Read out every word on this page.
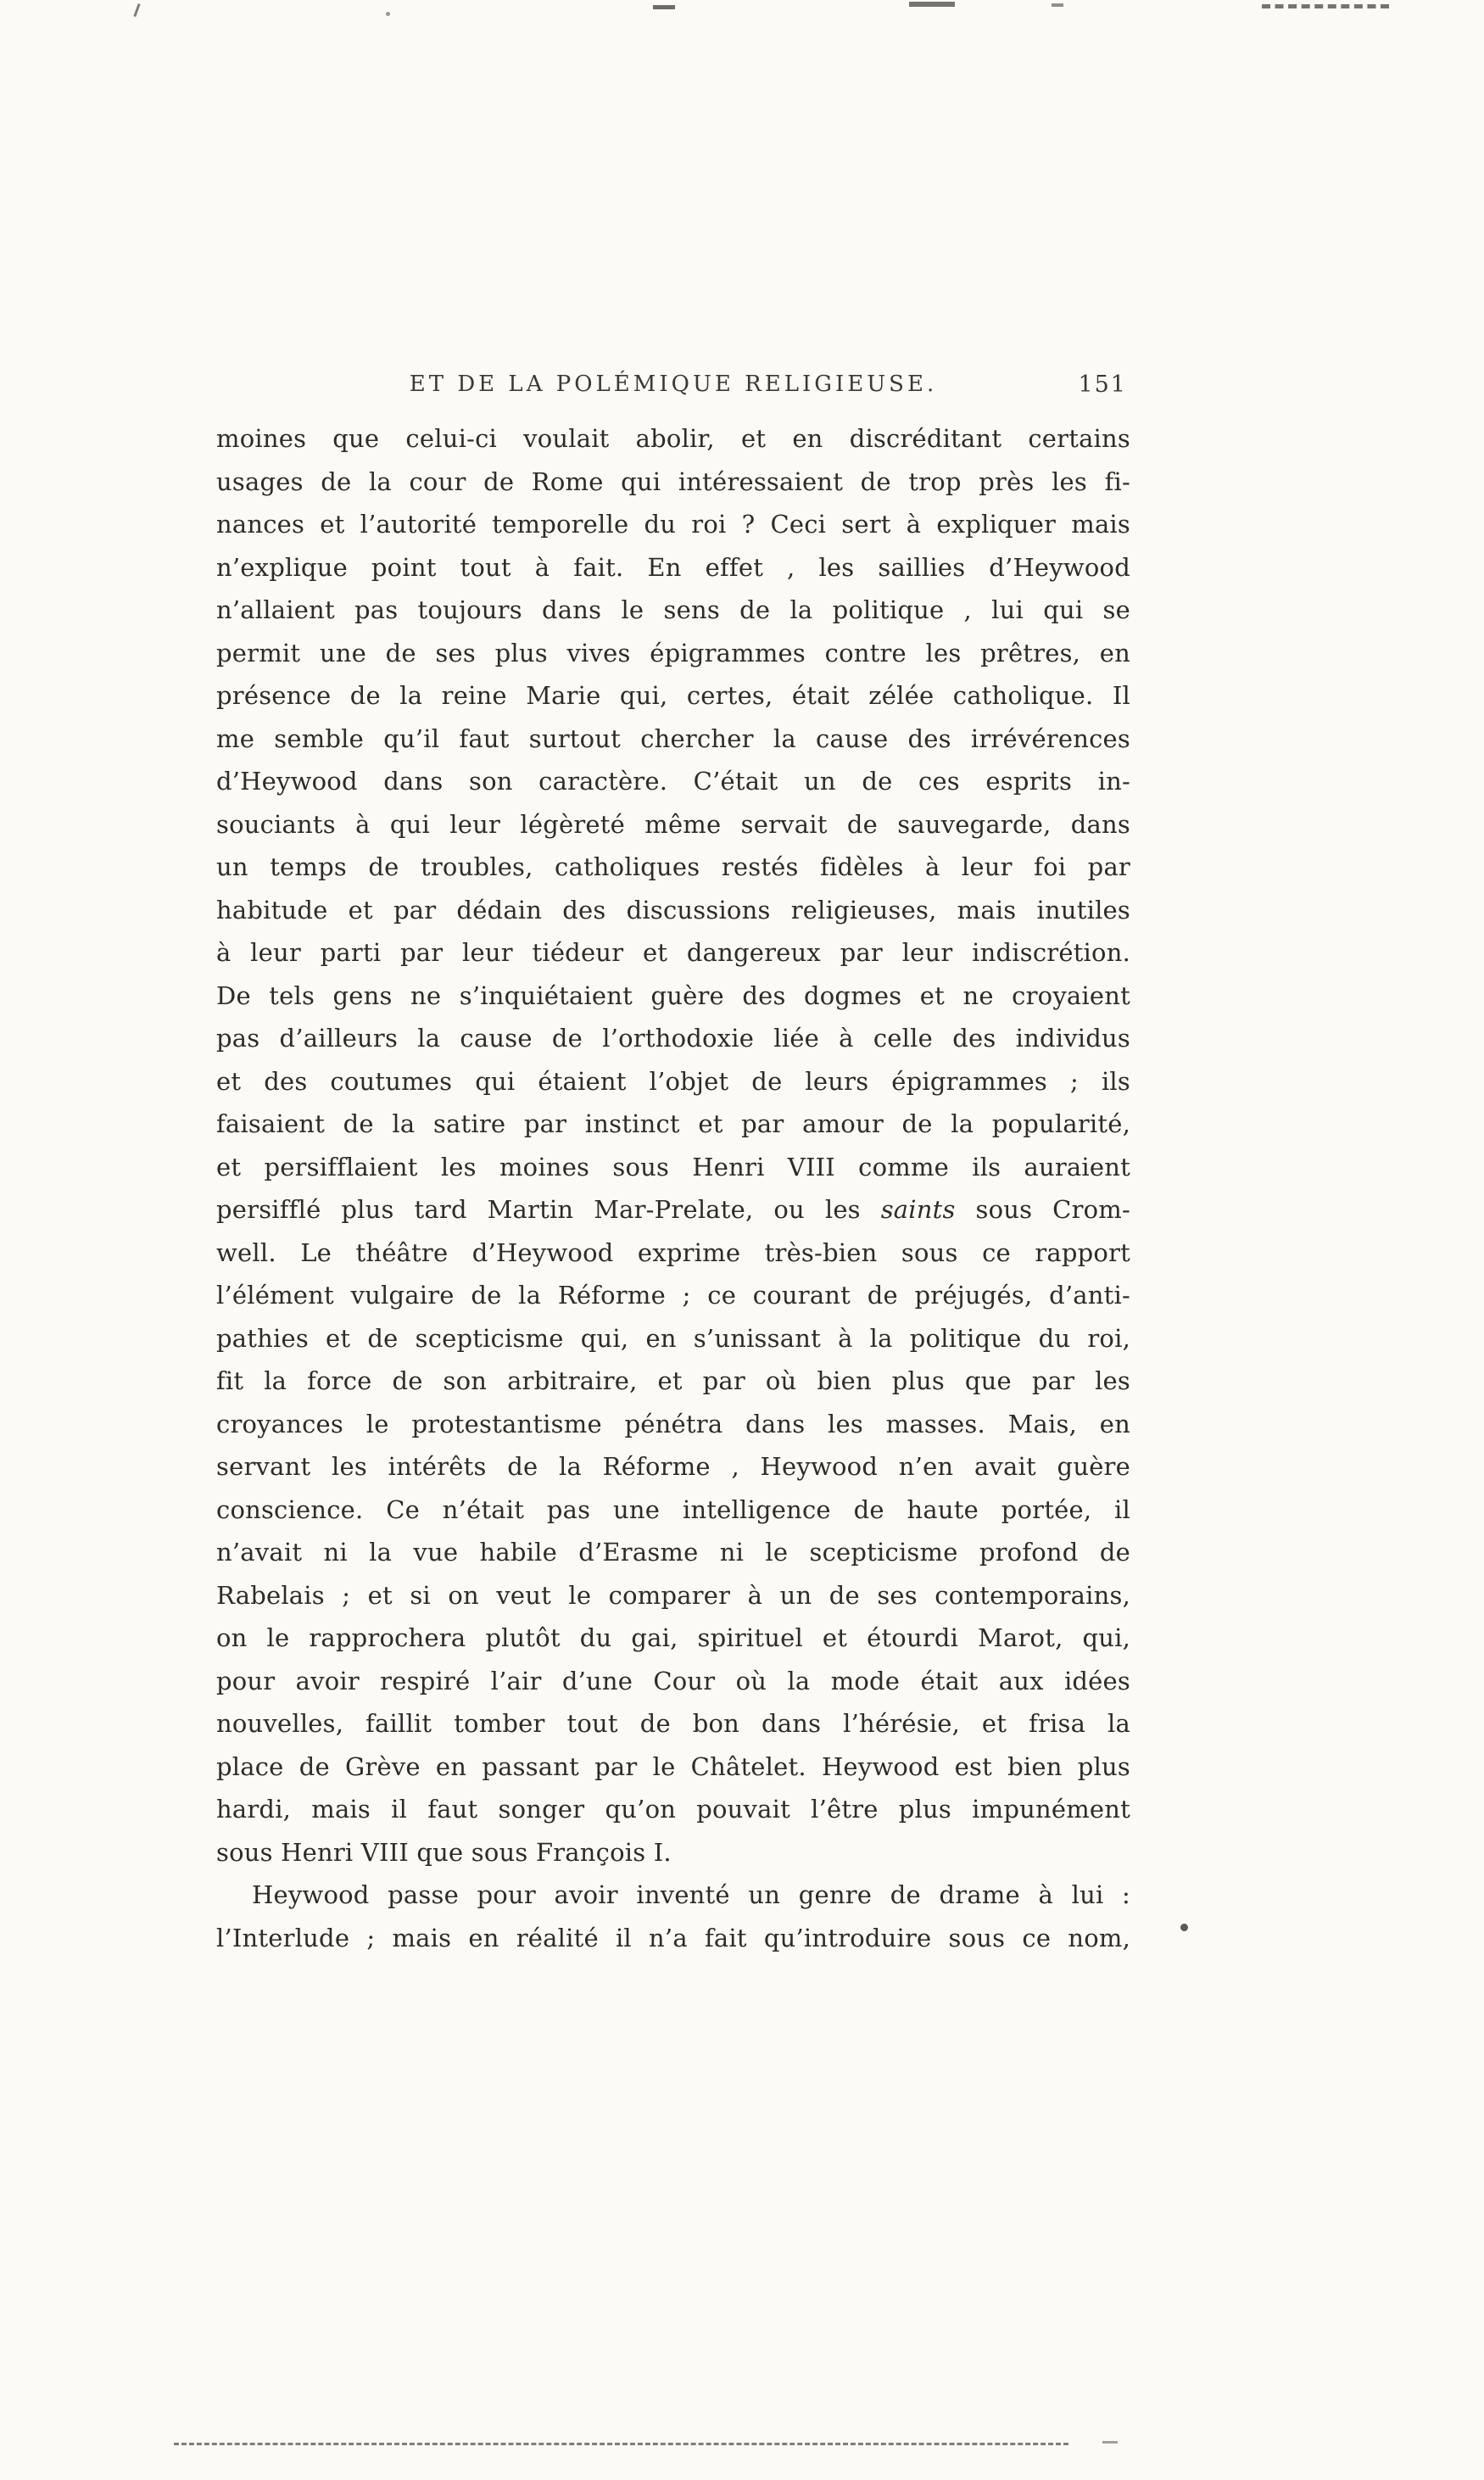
ET DE LA POLÉMIQUE RELIGIEUSE.	151
moines que celui-ci voulait abolir, et en discréditant certains
usages de la cour de Rome qui intéressaient de trop près les fi-
nances et l’autorité temporelle du roi ? Ceci sert à expliquer mais
n’explique point tout à fait. En effet , les saillies d’Heywood
n’allaient pas toujours dans le sens de la politique , lui qui se
permit une de ses plus vives épigrammes contre les prêtres, en
présence de la reine Marie qui, certes, était zélée catholique. Il
me semble qu’il faut surtout chercher la cause des irrévérences
d’Heywood dans son caractère. C’était un de ces esprits in-
souciants à qui leur légèreté même servait de sauvegarde, dans
un temps de troubles, catholiques restés fidèles à leur foi par
habitude et par dédain des discussions religieuses, mais inutiles
à leur parti par leur tiédeur et dangereux par leur indiscrétion.
De tels gens ne s’inquiétaient guère des dogmes et ne croyaient
pas d’ailleurs la cause de l’orthodoxie liée à celle des individus
et des coutumes qui étaient l’objet de leurs épigrammes ; ils
faisaient de la satire par instinct et par amour de la popularité,
et persifflaient les moines sous Henri VIII comme ils auraient
persifflé plus tard Martin Mar-Prelate, ou les saints sous Crom-
well. Le théâtre d’Heywood exprime très-bien sous ce rapport
l’élément vulgaire de la Réforme ; ce courant de préjugés, d’anti-
pathies et de scepticisme qui, en s’unissant à la politique du roi,
fit la force de son arbitraire, et par où bien plus que par les
croyances le protestantisme pénétra dans les masses. Mais, en
servant les intérêts de la Réforme , Heywood n’en avait guère
conscience. Ce n’était pas une intelligence de haute portée, il
n’avait ni la vue habile d’Erasme ni le scepticisme profond de
Rabelais ; et si on veut le comparer à un de ses contemporains,
on le rapprochera plutôt du gai, spirituel et étourdi Marot, qui,
pour avoir respiré l’air d’une Cour où la mode était aux idées
nouvelles, faillit tomber tout de bon dans l’hérésie, et frisa la
place de Grève en passant par le Châtelet. Heywood est bien plus
hardi, mais il faut songer qu’on pouvait l’être plus impunément
sous Henri VIII que sous François I.
Heywood passe pour avoir inventé un genre de drame à lui :
l’Interlude ; mais en réalité il n’a fait qu’introduire sous ce nom,
